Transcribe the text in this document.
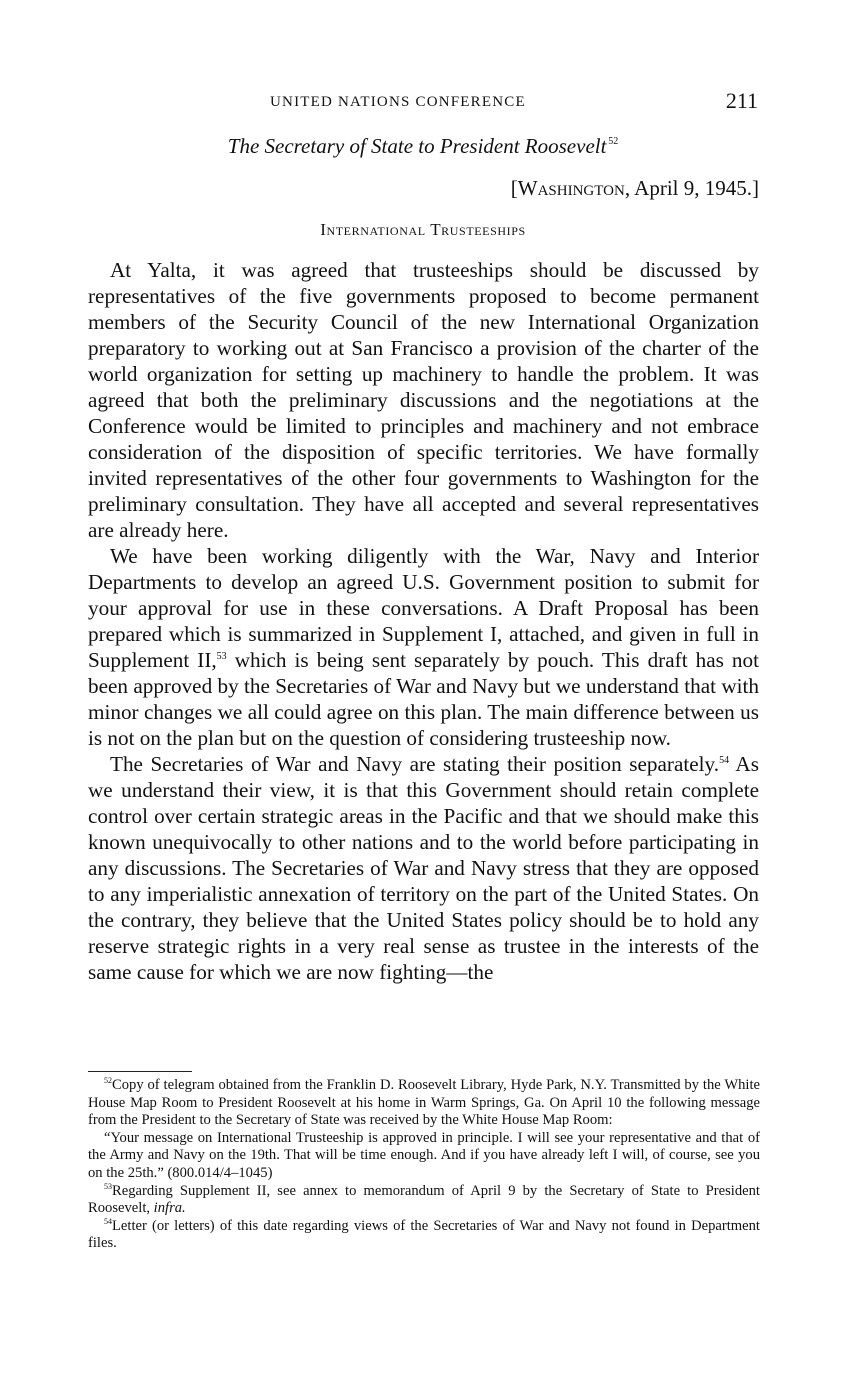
UNITED NATIONS CONFERENCE	211
The Secretary of State to President Roosevelt  $^{52}$
[Washington, April 9, 1945.]
International Trusteeships

At Yalta, it was agreed that trusteeships should be discussed by representatives of the five governments proposed to become permanent members of the Security Council of the new International Organization preparatory to working out at San Francisco a provision of the charter of the world organization for setting up machinery to handle the problem. It was agreed that both the preliminary discussions and the negotiations at the Conference would be limited to principles and machinery and not embrace consideration of the disposition of specific territories. We have formally invited representatives of the other four governments to Washington for the preliminary consultation. They have all accepted and several representatives are already here.

We have been working diligently with the War, Navy and Interior Departments to develop an agreed U.S. Government position to submit for your approval for use in these conversations. A Draft Proposal has been prepared which is summarized in Supplement I, attached, and given in full in Supplement II,$^{53}$ which is being sent separately by pouch. This draft has not been approved by the Secretaries of War and Navy but we understand that with minor changes we all could agree on this plan. The main difference between us is not on the plan but on the question of considering trusteeship now.

The Secretaries of War and Navy are stating their position separately.$^{54}$ As we understand their view, it is that this Government should retain complete control over certain strategic areas in the Pacific and that we should make this known unequivocally to other nations and to the world before participating in any discussions. The Secretaries of War and Navy stress that they are opposed to any imperialistic annexation of territory on the part of the United States. On the contrary, they believe that the United States policy should be to hold any reserve strategic rights in a very real sense as trustee in the interests of the same cause for which we are now fighting—the

$^{52}$Copy of telegram obtained from the Franklin D. Roosevelt Library, Hyde Park, N.Y. Transmitted by the White House Map Room to President Roosevelt at his home in Warm Springs, Ga. On April 10 the following message from the President to the Secretary of State was received by the White House Map Room:

“Your message on International Trusteeship is approved in principle. I will see your representative and that of the Army and Navy on the 19th. That will be time enough. And if you have already left I will, of course, see you on the 25th.” (800.014/4–1045)

$^{53}$Regarding Supplement II, see annex to memorandum of April 9 by the Secretary of State to President Roosevelt, infra.

$^{54}$Letter (or letters) of this date regarding views of the Secretaries of War and Navy not found in Department files.
